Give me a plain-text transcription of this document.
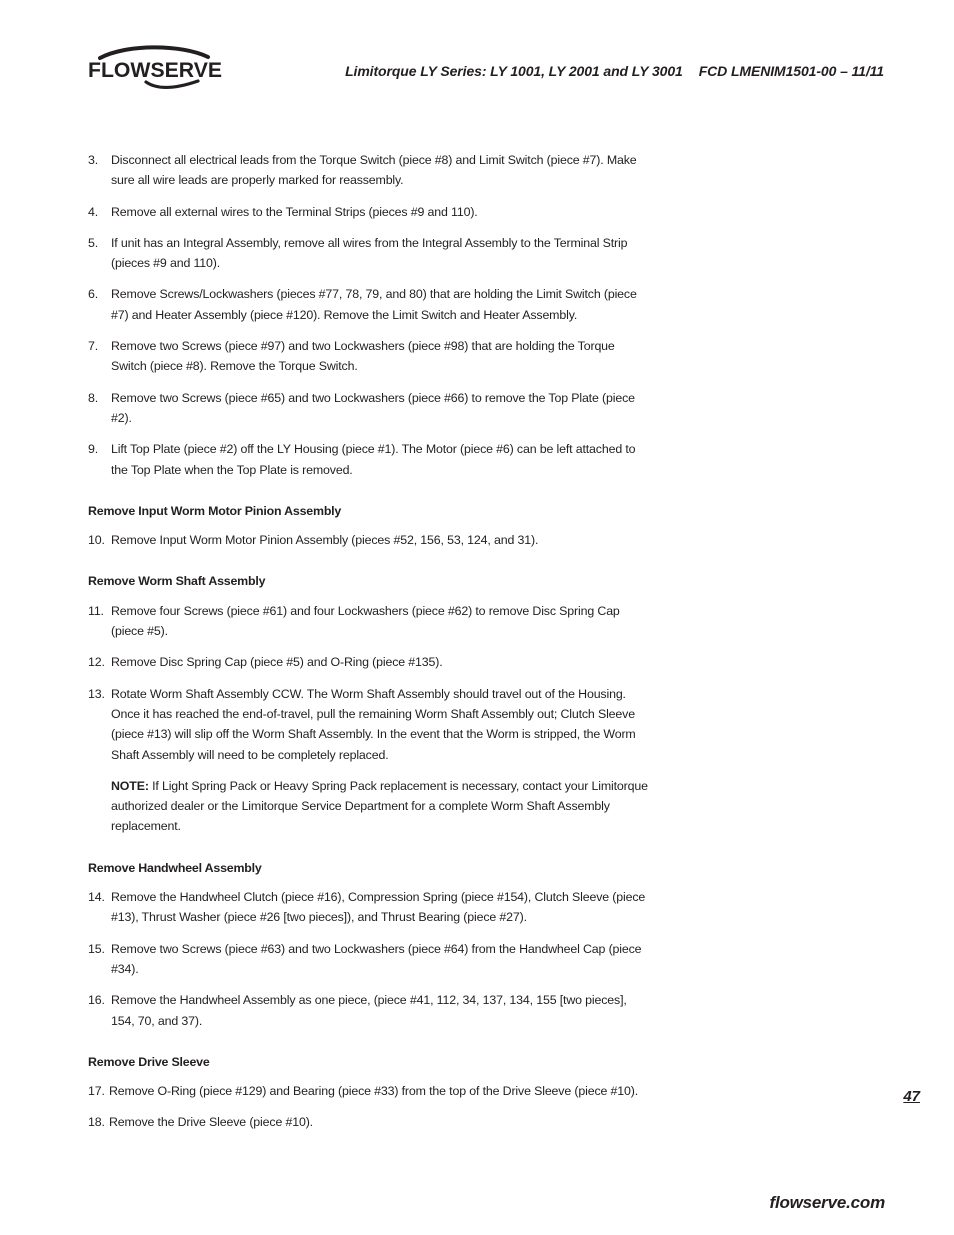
FLOWSERVE	Limitorque LY Series: LY 1001, LY 2001 and LY 3001 FCD LMENIM1501-00 – 11/11
3. Disconnect all electrical leads from the Torque Switch (piece #8) and Limit Switch (piece #7). Make sure all wire leads are properly marked for reassembly.
4. Remove all external wires to the Terminal Strips (pieces #9 and 110).
5. If unit has an Integral Assembly, remove all wires from the Integral Assembly to the Terminal Strip (pieces #9 and 110).
6. Remove Screws/Lockwashers (pieces #77, 78, 79, and 80) that are holding the Limit Switch (piece #7) and Heater Assembly (piece #120). Remove the Limit Switch and Heater Assembly.
7. Remove two Screws (piece #97) and two Lockwashers (piece #98) that are holding the Torque Switch (piece #8). Remove the Torque Switch.
8. Remove two Screws (piece #65) and two Lockwashers (piece #66) to remove the Top Plate (piece #2).
9. Lift Top Plate (piece #2) off the LY Housing (piece #1). The Motor (piece #6) can be left attached to the Top Plate when the Top Plate is removed.
Remove Input Worm Motor Pinion Assembly
10. Remove Input Worm Motor Pinion Assembly (pieces #52, 156, 53, 124, and 31).
Remove Worm Shaft Assembly
11. Remove four Screws (piece #61) and four Lockwashers (piece #62) to remove Disc Spring Cap (piece #5).
12. Remove Disc Spring Cap (piece #5) and O-Ring (piece #135).
13. Rotate Worm Shaft Assembly CCW. The Worm Shaft Assembly should travel out of the Housing. Once it has reached the end-of-travel, pull the remaining Worm Shaft Assembly out; Clutch Sleeve (piece #13) will slip off the Worm Shaft Assembly. In the event that the Worm is stripped, the Worm Shaft Assembly will need to be completely replaced.
NOTE: If Light Spring Pack or Heavy Spring Pack replacement is necessary, contact your Limitorque authorized dealer or the Limitorque Service Department for a complete Worm Shaft Assembly replacement.
Remove Handwheel Assembly
14. Remove the Handwheel Clutch (piece #16), Compression Spring (piece #154), Clutch Sleeve (piece #13), Thrust Washer (piece #26 [two pieces]), and Thrust Bearing (piece #27).
15. Remove two Screws (piece #63) and two Lockwashers (piece #64) from the Handwheel Cap (piece #34).
16. Remove the Handwheel Assembly as one piece, (piece #41, 112, 34, 137, 134, 155 [two pieces], 154, 70, and 37).
Remove Drive Sleeve
17. Remove O-Ring (piece #129) and Bearing (piece #33) from the top of the Drive Sleeve (piece #10).
18. Remove the Drive Sleeve (piece #10).
47
flowserve.com
